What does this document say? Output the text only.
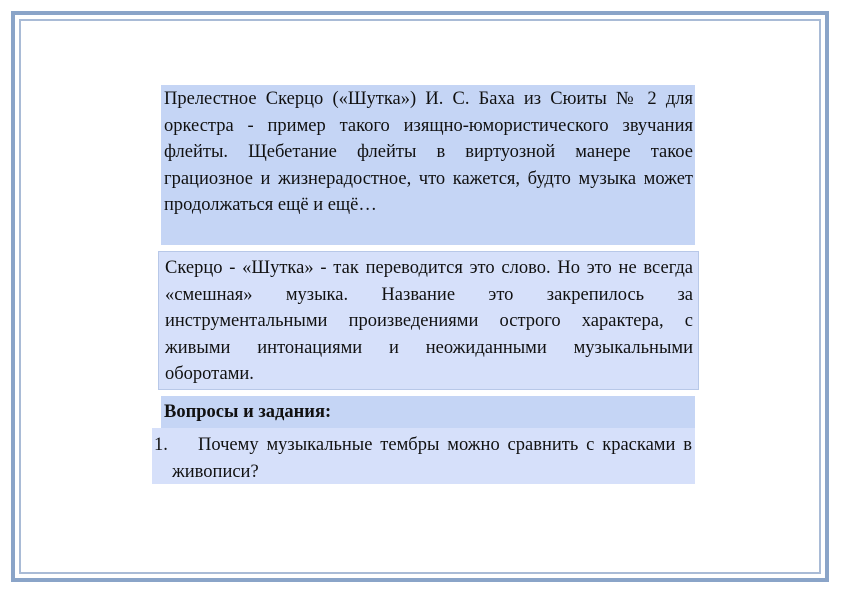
Прелестное Скерцо («Шутка») И. С. Баха из Сюиты № 2 для оркестра - пример такого изящно-юмористического звучания флейты. Щебетание флейты в виртуозной манере такое грациозное и жизнерадостное, что кажется, будто музыка может продолжаться ещё и ещё…
Скерцо - «Шутка» - так переводится это слово. Но это не всегда «смешная» музыка. Название это закрепилось за инструментальными произведениями острого характера, с живыми интонациями и неожиданными музыкальными оборотами.
Вопросы и задания:
1.	Почему музыкальные тембры можно сравнить с красками в живописи?
